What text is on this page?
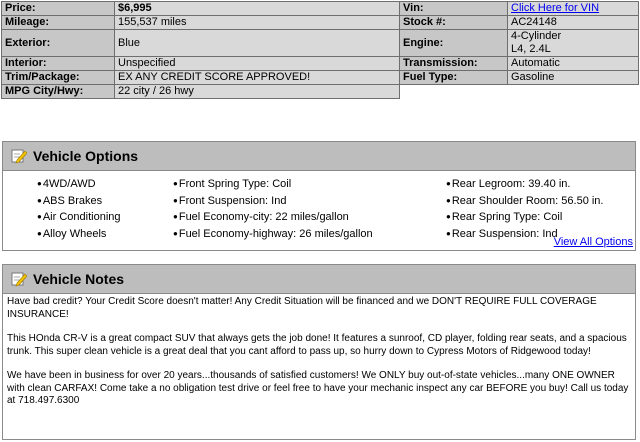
Price:	$6,995	Vin:	Click Here for VIN
Mileage:	155,537 miles	Stock #:	AC24148
Exterior:	Blue	Engine:	4-Cylinder
L4, 2.4L

Interior:	Unspecified	Transmission:	Automatic
Trim/Package:	EX ANY CREDIT SCORE APPROVED!	Fuel Type:	Gasoline
MPG City/Hwy:	22 city / 26 hwy		
Vehicle Options
●4WD/AWD
●ABS Brakes
●Air Conditioning
●Alloy Wheels
●Front Spring Type: Coil
●Front Suspension: Ind
●Fuel Economy-city: 22 miles/gallon
●Fuel Economy-highway: 26 miles/gallon
●Rear Legroom: 39.40 in.
●Rear Shoulder Room: 56.50 in.
●Rear Spring Type: Coil
●Rear Suspension: Ind
View All Options
Vehicle Notes

Have bad credit? Your Credit Score doesn't matter! Any Credit Situation will be financed and we DON'T REQUIRE FULL COVERAGE INSURANCE!

This HOnda CR-V is a great compact SUV that always gets the job done! It features a sunroof, CD player, folding rear seats, and a spacious trunk. This super clean vehicle is a great deal that you cant afford to pass up, so hurry down to Cypress Motors of Ridgewood today!

We have been in business for over 20 years...thousands of satisfied customers! We ONLY buy out-of-state vehicles...many ONE OWNER with clean CARFAX! Come take a no obligation test drive or feel free to have your mechanic inspect any car BEFORE you buy! Call us today at 718.497.6300
